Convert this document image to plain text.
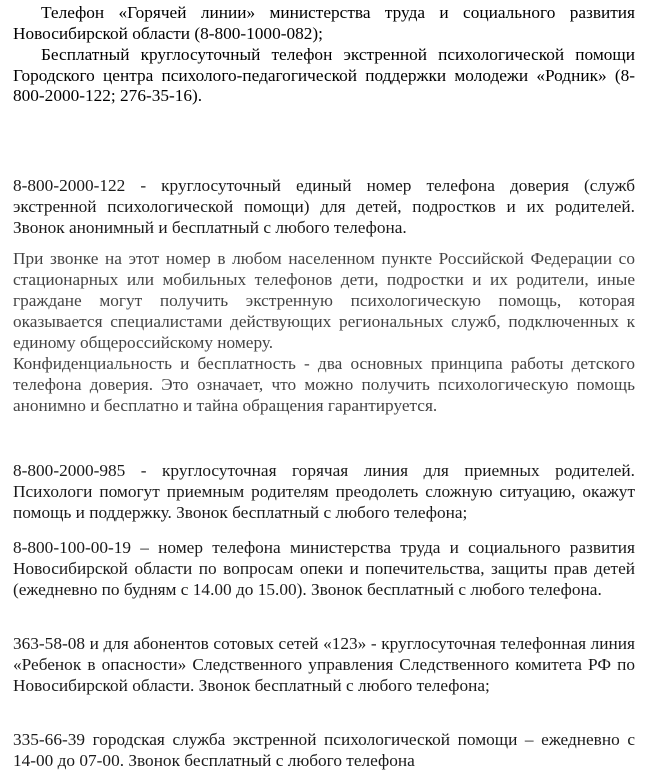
Телефон «Горячей линии» министерства труда и социального развития Новосибирской области (8-800-1000-082);

Бесплатный круглосуточный телефон экстренной психологической помощи Городского центра психолого-педагогической поддержки молодежи «Родник» (8-800-2000-122; 276-35-16).

8-800-2000-122 - круглосуточный единый номер телефона доверия (служб экстренной психологической помощи) для детей, подростков и их родителей. Звонок анонимный и бесплатный с любого телефона.

При звонке на этот номер в любом населенном пункте Российской Федерации со стационарных или мобильных телефонов дети, подростки и их родители, иные граждане могут получить экстренную психологическую помощь, которая оказывается специалистами действующих региональных служб, подключенных к единому общероссийскому номеру.

Конфиденциальность и бесплатность - два основных принципа работы детского телефона доверия. Это означает, что можно получить психологическую помощь анонимно и бесплатно и тайна обращения гарантируется.

8-800-2000-985 - круглосуточная горячая линия для приемных родителей. Психологи помогут приемным родителям преодолеть сложную ситуацию, окажут помощь и поддержку. Звонок бесплатный с любого телефона;

8-800-100-00-19 – номер телефона министерства труда и социального развития Новосибирской области по вопросам опеки и попечительства, защиты прав детей (ежедневно по будням с 14.00 до 15.00). Звонок бесплатный с любого телефона.

363-58-08 и для абонентов сотовых сетей «123» - круглосуточная телефонная линия «Ребенок в опасности» Следственного управления Следственного комитета РФ по Новосибирской области. Звонок бесплатный с любого телефона;

335-66-39 городская служба экстренной психологической помощи – ежедневно с 14-00 до 07-00. Звонок бесплатный с любого телефона
